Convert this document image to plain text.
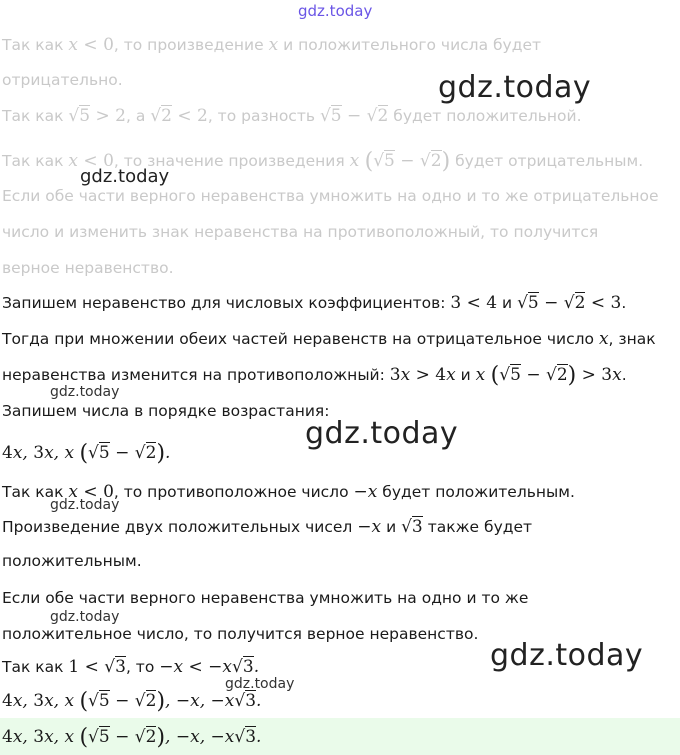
gdz.today
Так как x < 0, то произведение x и положительного числа будет
отрицательно.
Так как √5 > 2, а √2 < 2, то разность √5 − √2 будет положительной.
Так как x < 0, то значение произведения x (√5 − √2) будет отрицательным.
Если обе части верного неравенства умножить на одно и то же отрицательное
число и изменить знак неравенства на противоположный, то получится
верное неравенство.
Запишем неравенство для числовых коэффициентов: 3 < 4 и √5 − √2 < 3.
Тогда при множении обеих частей неравенств на отрицательное число x, знак
неравенства изменится на противоположный: 3x > 4x и x (√5 − √2) > 3x.
Запишем числа в порядке возрастания:
4x, 3x, x (√5 − √2).
Так как x < 0, то противоположное число −x будет положительным.
Произведение двух положительных чисел −x и √3 также будет
положительным.
Если обе части верного неравенства умножить на одно и то же
положительное число, то получится верное неравенство.
Так как 1 < √3, то −x < −x√3.
4x, 3x, x (√5 − √2), −x, −x√3.
4x, 3x, x (√5 − √2), −x, −x√3.
gdz.today
gdz.today
gdz.today
gdz.today
gdz.today
gdz.today
gdz.today
gdz.today
